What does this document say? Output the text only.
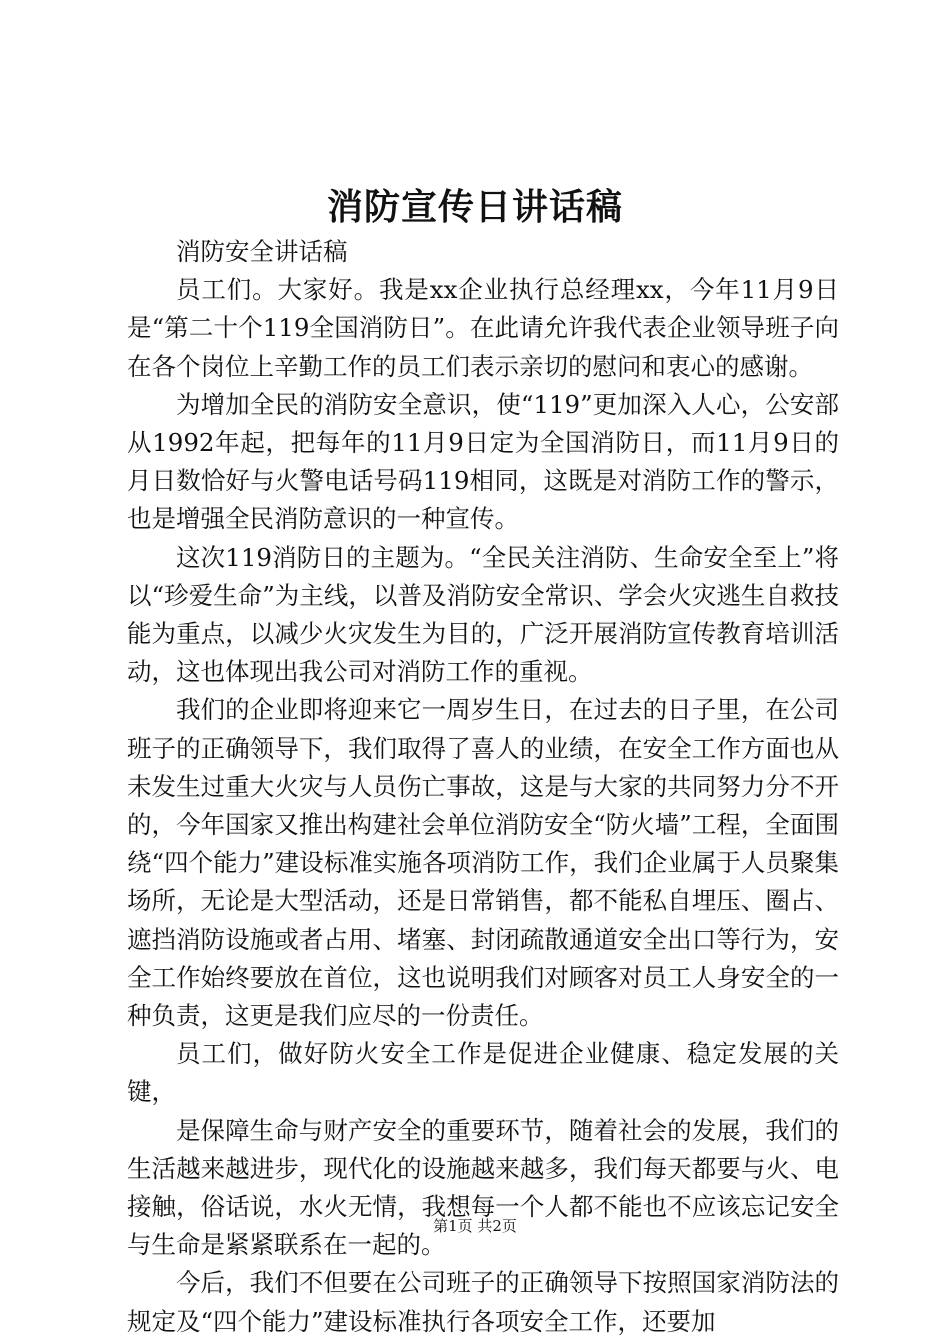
消防宣传日讲话稿

消防安全讲话稿

员工们。大家好。我是xx企业执行总经理xx，今年11月9日是“第二十个119全国消防日”。在此请允许我代表企业领导班子向在各个岗位上辛勤工作的员工们表示亲切的慰问和衷心的感谢。

为增加全民的消防安全意识，使“119”更加深入人心，公安部从1992年起，把每年的11月9日定为全国消防日，而11月9日的月日数恰好与火警电话号码119相同，这既是对消防工作的警示，也是增强全民消防意识的一种宣传。

这次119消防日的主题为。“全民关注消防、生命安全至上”将以“珍爱生命”为主线，以普及消防安全常识、学会火灾逃生自救技能为重点，以减少火灾发生为目的，广泛开展消防宣传教育培训活动，这也体现出我公司对消防工作的重视。

我们的企业即将迎来它一周岁生日，在过去的日子里，在公司班子的正确领导下，我们取得了喜人的业绩，在安全工作方面也从未发生过重大火灾与人员伤亡事故，这是与大家的共同努力分不开的，今年国家又推出构建社会单位消防安全“防火墙”工程，全面围绕“四个能力”建设标准实施各项消防工作，我们企业属于人员聚集场所，无论是大型活动，还是日常销售，都不能私自埋压、圈占、遮挡消防设施或者占用、堵塞、封闭疏散通道安全出口等行为，安全工作始终要放在首位，这也说明我们对顾客对员工人身安全的一种负责，这更是我们应尽的一份责任。

员工们，做好防火安全工作是促进企业健康、稳定发展的关键，

是保障生命与财产安全的重要环节，随着社会的发展，我们的生活越来越进步，现代化的设施越来越多，我们每天都要与火、电接触，俗话说，水火无情，我想每一个人都不能也不应该忘记安全与生命是紧紧联系在一起的。

今后，我们不但要在公司班子的正确领导下按照国家消防法的规定及“四个能力”建设标准执行各项安全工作，还要加

第1页 共2页
